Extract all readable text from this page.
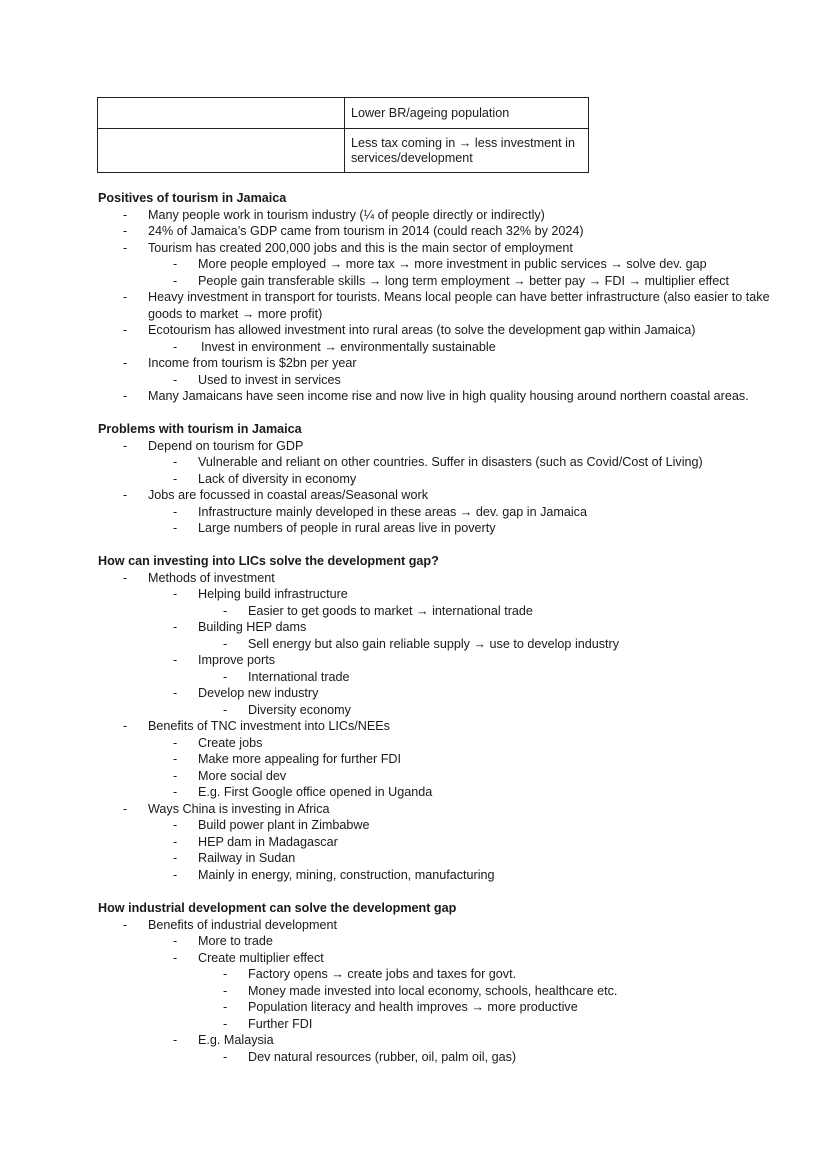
	Lower BR/ageing population

	Less tax coming in → less investment in services/development
Positives of tourism in Jamaica
- Many people work in tourism industry (¼ of people directly or indirectly)
- 24% of Jamaica’s GDP came from tourism in 2014 (could reach 32% by 2024)
- Tourism has created 200,000 jobs and this is the main sector of employment
- More people employed → more tax → more investment in public services → solve dev. gap
- People gain transferable skills → long term employment → better pay → FDI → multiplier effect
- Heavy investment in transport for tourists. Means local people can have better infrastructure (also easier to take goods to market → more profit)
- Ecotourism has allowed investment into rural areas (to solve the development gap within Jamaica)
- Invest in environment → environmentally sustainable
- Income from tourism is $2bn per year
- Used to invest in services
- Many Jamaicans have seen income rise and now live in high quality housing around northern coastal areas.
Problems with tourism in Jamaica
- Depend on tourism for GDP
- Vulnerable and reliant on other countries. Suffer in disasters (such as Covid/Cost of Living)
- Lack of diversity in economy
- Jobs are focussed in coastal areas/Seasonal work
- Infrastructure mainly developed in these areas → dev. gap in Jamaica
- Large numbers of people in rural areas live in poverty
How can investing into LICs solve the development gap?
- Methods of investment
- Helping build infrastructure
- Easier to get goods to market → international trade
- Building HEP dams
- Sell energy but also gain reliable supply → use to develop industry
- Improve ports
- International trade
- Develop new industry
- Diversity economy
- Benefits of TNC investment into LICs/NEEs
- Create jobs
- Make more appealing for further FDI
- More social dev
- E.g. First Google office opened in Uganda
- Ways China is investing in Africa
- Build power plant in Zimbabwe
- HEP dam in Madagascar
- Railway in Sudan
- Mainly in energy, mining, construction, manufacturing
How industrial development can solve the development gap
- Benefits of industrial development
- More to trade
- Create multiplier effect
- Factory opens → create jobs and taxes for govt.
- Money made invested into local economy, schools, healthcare etc.
- Population literacy and health improves → more productive
- Further FDI
- E.g. Malaysia
- Dev natural resources (rubber, oil, palm oil, gas)
